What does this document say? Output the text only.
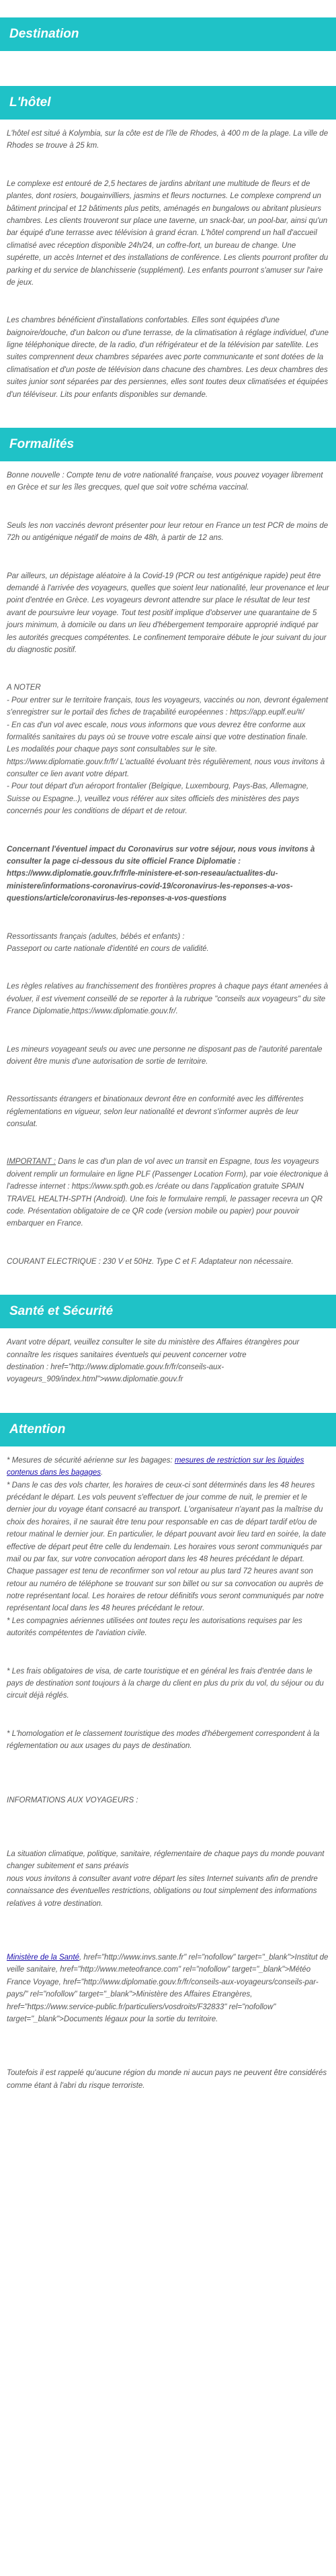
Destination
L'hôtel

L'hôtel est situé à Kolymbia, sur la côte est de l'île de Rhodes, à 400 m de la plage. La ville de Rhodes se trouve à 25 km.

Le complexe est entouré de 2,5 hectares de jardins abritant une multitude de fleurs et de plantes, dont rosiers, bougainvilliers, jasmins et fleurs nocturnes. Le complexe comprend un bâtiment principal et 12 bâtiments plus petits, aménagés en bungalows ou abritant plusieurs chambres. Les clients trouveront sur place une taverne, un snack-bar, un pool-bar, ainsi qu'un bar équipé d'une terrasse avec télévision à grand écran. L'hôtel comprend un hall d'accueil climatisé avec réception disponible 24h/24, un coffre-fort, un bureau de change. Une supérette, un accès Internet et des installations de conférence. Les clients pourront profiter du parking et du service de blanchisserie (supplément). Les enfants pourront s'amuser sur l'aire de jeux.

Les chambres bénéficient d'installations confortables. Elles sont équipées d'une baignoire/douche, d'un balcon ou d'une terrasse, de la climatisation à réglage individuel, d'une ligne téléphonique directe, de la radio, d'un réfrigérateur et de la télévision par satellite. Les suites comprennent deux chambres séparées avec porte communicante et sont dotées de la climatisation et d'un poste de télévision dans chacune des chambres. Les deux chambres des suites junior sont séparées par des persiennes, elles sont toutes deux climatisées et équipées d'un téléviseur. Lits pour enfants disponibles sur demande.

Formalités

Bonne nouvelle : Compte tenu de votre nationalité française, vous pouvez voyager librement en Grèce et sur les îles grecques, quel que soit votre schéma vaccinal.

Seuls les non vaccinés devront présenter pour leur retour en France un test PCR de moins de 72h ou antigénique négatif de moins de 48h, à partir de 12 ans.

Par ailleurs, un dépistage aléatoire à la Covid-19 (PCR ou test antigénique rapide) peut être demandé à l'arrivée des voyageurs, quelles que soient leur nationalité, leur provenance et leur point d'entrée en Grèce. Les voyageurs devront attendre sur place le résultat de leur test avant de poursuivre leur voyage. Tout test positif implique d'observer une quarantaine de 5 jours minimum, à domicile ou dans un lieu d'hébergement temporaire approprié indiqué par les autorités grecques compétentes. Le confinement temporaire débute le jour suivant du jour du diagnostic positif.

A NOTER
- Pour entrer sur le territoire français, tous les voyageurs, vaccinés ou non, devront également s'enregistrer sur le portail des fiches de traçabilité européennes : https://app.euplf.eu/#/
- En cas d'un vol avec escale, nous vous informons que vous devrez être conforme aux formalités sanitaires du pays où se trouve votre escale ainsi que votre destination finale.
Les modalités pour chaque pays sont consultables sur le site. https://www.diplomatie.gouv.fr/fr/ L'actualité évoluant très régulièrement, nous vous invitons à consulter ce lien avant votre départ.
- Pour tout départ d'un aéroport frontalier (Belgique, Luxembourg, Pays-Bas, Allemagne, Suisse ou Espagne..), veuillez vous référer aux sites officiels des ministères des pays concernés pour les conditions de départ et de retour.

Concernant l'éventuel impact du Coronavirus sur votre séjour, nous vous invitons à consulter la page ci-dessous du site officiel France Diplomatie : https://www.diplomatie.gouv.fr/fr/le-ministere-et-son-reseau/actualites-du-ministere/informations-coronavirus-covid-19/coronavirus-les-reponses-a-vos-questions/article/coronavirus-les-reponses-a-vos-questions

Ressortissants français (adultes, bébés et enfants) :
Passeport ou carte nationale d'identité en cours de validité.

Les règles relatives au franchissement des frontières propres à chaque pays étant amenées à évoluer, il est vivement conseillé de se reporter à la rubrique "conseils aux voyageurs" du site France Diplomatie,https://www.diplomatie.gouv.fr/.

Les mineurs voyageant seuls ou avec une personne ne disposant pas de l'autorité parentale doivent être munis d'une autorisation de sortie de territoire.

Ressortissants étrangers et binationaux devront être en conformité avec les différentes réglementations en vigueur, selon leur nationalité et devront s'informer auprès de leur consulat.

IMPORTANT : Dans le cas d'un plan de vol avec un transit en Espagne, tous les voyageurs doivent remplir un formulaire en ligne PLF (Passenger Location Form), par voie électronique à l'adresse internet : https://www.spth.gob.es /créate ou dans l'application gratuite SPAIN TRAVEL HEALTH-SPTH (Android). Une fois le formulaire rempli, le passager recevra un QR code. Présentation obligatoire de ce QR code (version mobile ou papier) pour pouvoir embarquer en France.

COURANT ELECTRIQUE : 230 V et 50Hz. Type C et F. Adaptateur non nécessaire.

Santé et Sécurité

Avant votre départ, veuillez consulter le site du ministère des Affaires étrangères pour connaître les risques sanitaires éventuels qui peuvent concerner votre
destination : href="http://www.diplomatie.gouv.fr/fr/conseils-aux-voyageurs_909/index.html">www.diplomatie.gouv.fr

Attention

* Mesures de sécurité aérienne sur les bagages: mesures de restriction sur les liquides contenus dans les bagages.
* Dans le cas des vols charter, les horaires de ceux-ci sont déterminés dans les 48 heures précédant le départ. Les vols peuvent s'effectuer de jour comme de nuit, le premier et le dernier jour du voyage étant consacré au transport. L'organisateur n'ayant pas la maîtrise du choix des horaires, il ne saurait être tenu pour responsable en cas de départ tardif et/ou de retour matinal le dernier jour. En particulier, le départ pouvant avoir lieu tard en soirée, la date effective de départ peut être celle du lendemain. Les horaires vous seront communiqués par mail ou par fax, sur votre convocation aéroport dans les 48 heures précédant le départ. Chaque passager est tenu de reconfirmer son vol retour au plus tard 72 heures avant son retour au numéro de téléphone se trouvant sur son billet ou sur sa convocation ou auprès de notre représentant local. Les horaires de retour définitifs vous seront communiqués par notre représentant local dans les 48 heures précédant le retour.
* Les compagnies aériennes utilisées ont toutes reçu les autorisations requises par les autorités compétentes de l'aviation civile.

* Les frais obligatoires de visa, de carte touristique et en général les frais d'entrée dans le pays de destination sont toujours à la charge du client en plus du prix du vol, du séjour ou du circuit déjà réglés.

* L'homologation et le classement touristique des modes d'hébergement correspondent à la réglementation ou aux usages du pays de destination.

INFORMATIONS AUX VOYAGEURS :

La situation climatique, politique, sanitaire, réglementaire de chaque pays du monde pouvant changer subitement et sans préavis
nous vous invitons à consulter avant votre départ les sites Internet suivants afin de prendre connaissance des éventuelles restrictions, obligations ou tout simplement des informations relatives à votre destination.

Ministère de la Santé, href="http://www.invs.sante.fr" rel="nofollow" target="_blank">Institut de veille sanitaire, href="http://www.meteofrance.com" rel="nofollow" target="_blank">Météo France Voyage, href="http://www.diplomatie.gouv.fr/fr/conseils-aux-voyageurs/conseils-par-pays/" rel="nofollow" target="_blank">Ministère des Affaires Etrangères, href="https://www.service-public.fr/particuliers/vosdroits/F32833" rel="nofollow" target="_blank">Documents légaux pour la sortie du territoire.

Toutefois il est rappelé qu'aucune région du monde ni aucun pays ne peuvent être considérés comme étant à l'abri du risque terroriste.
